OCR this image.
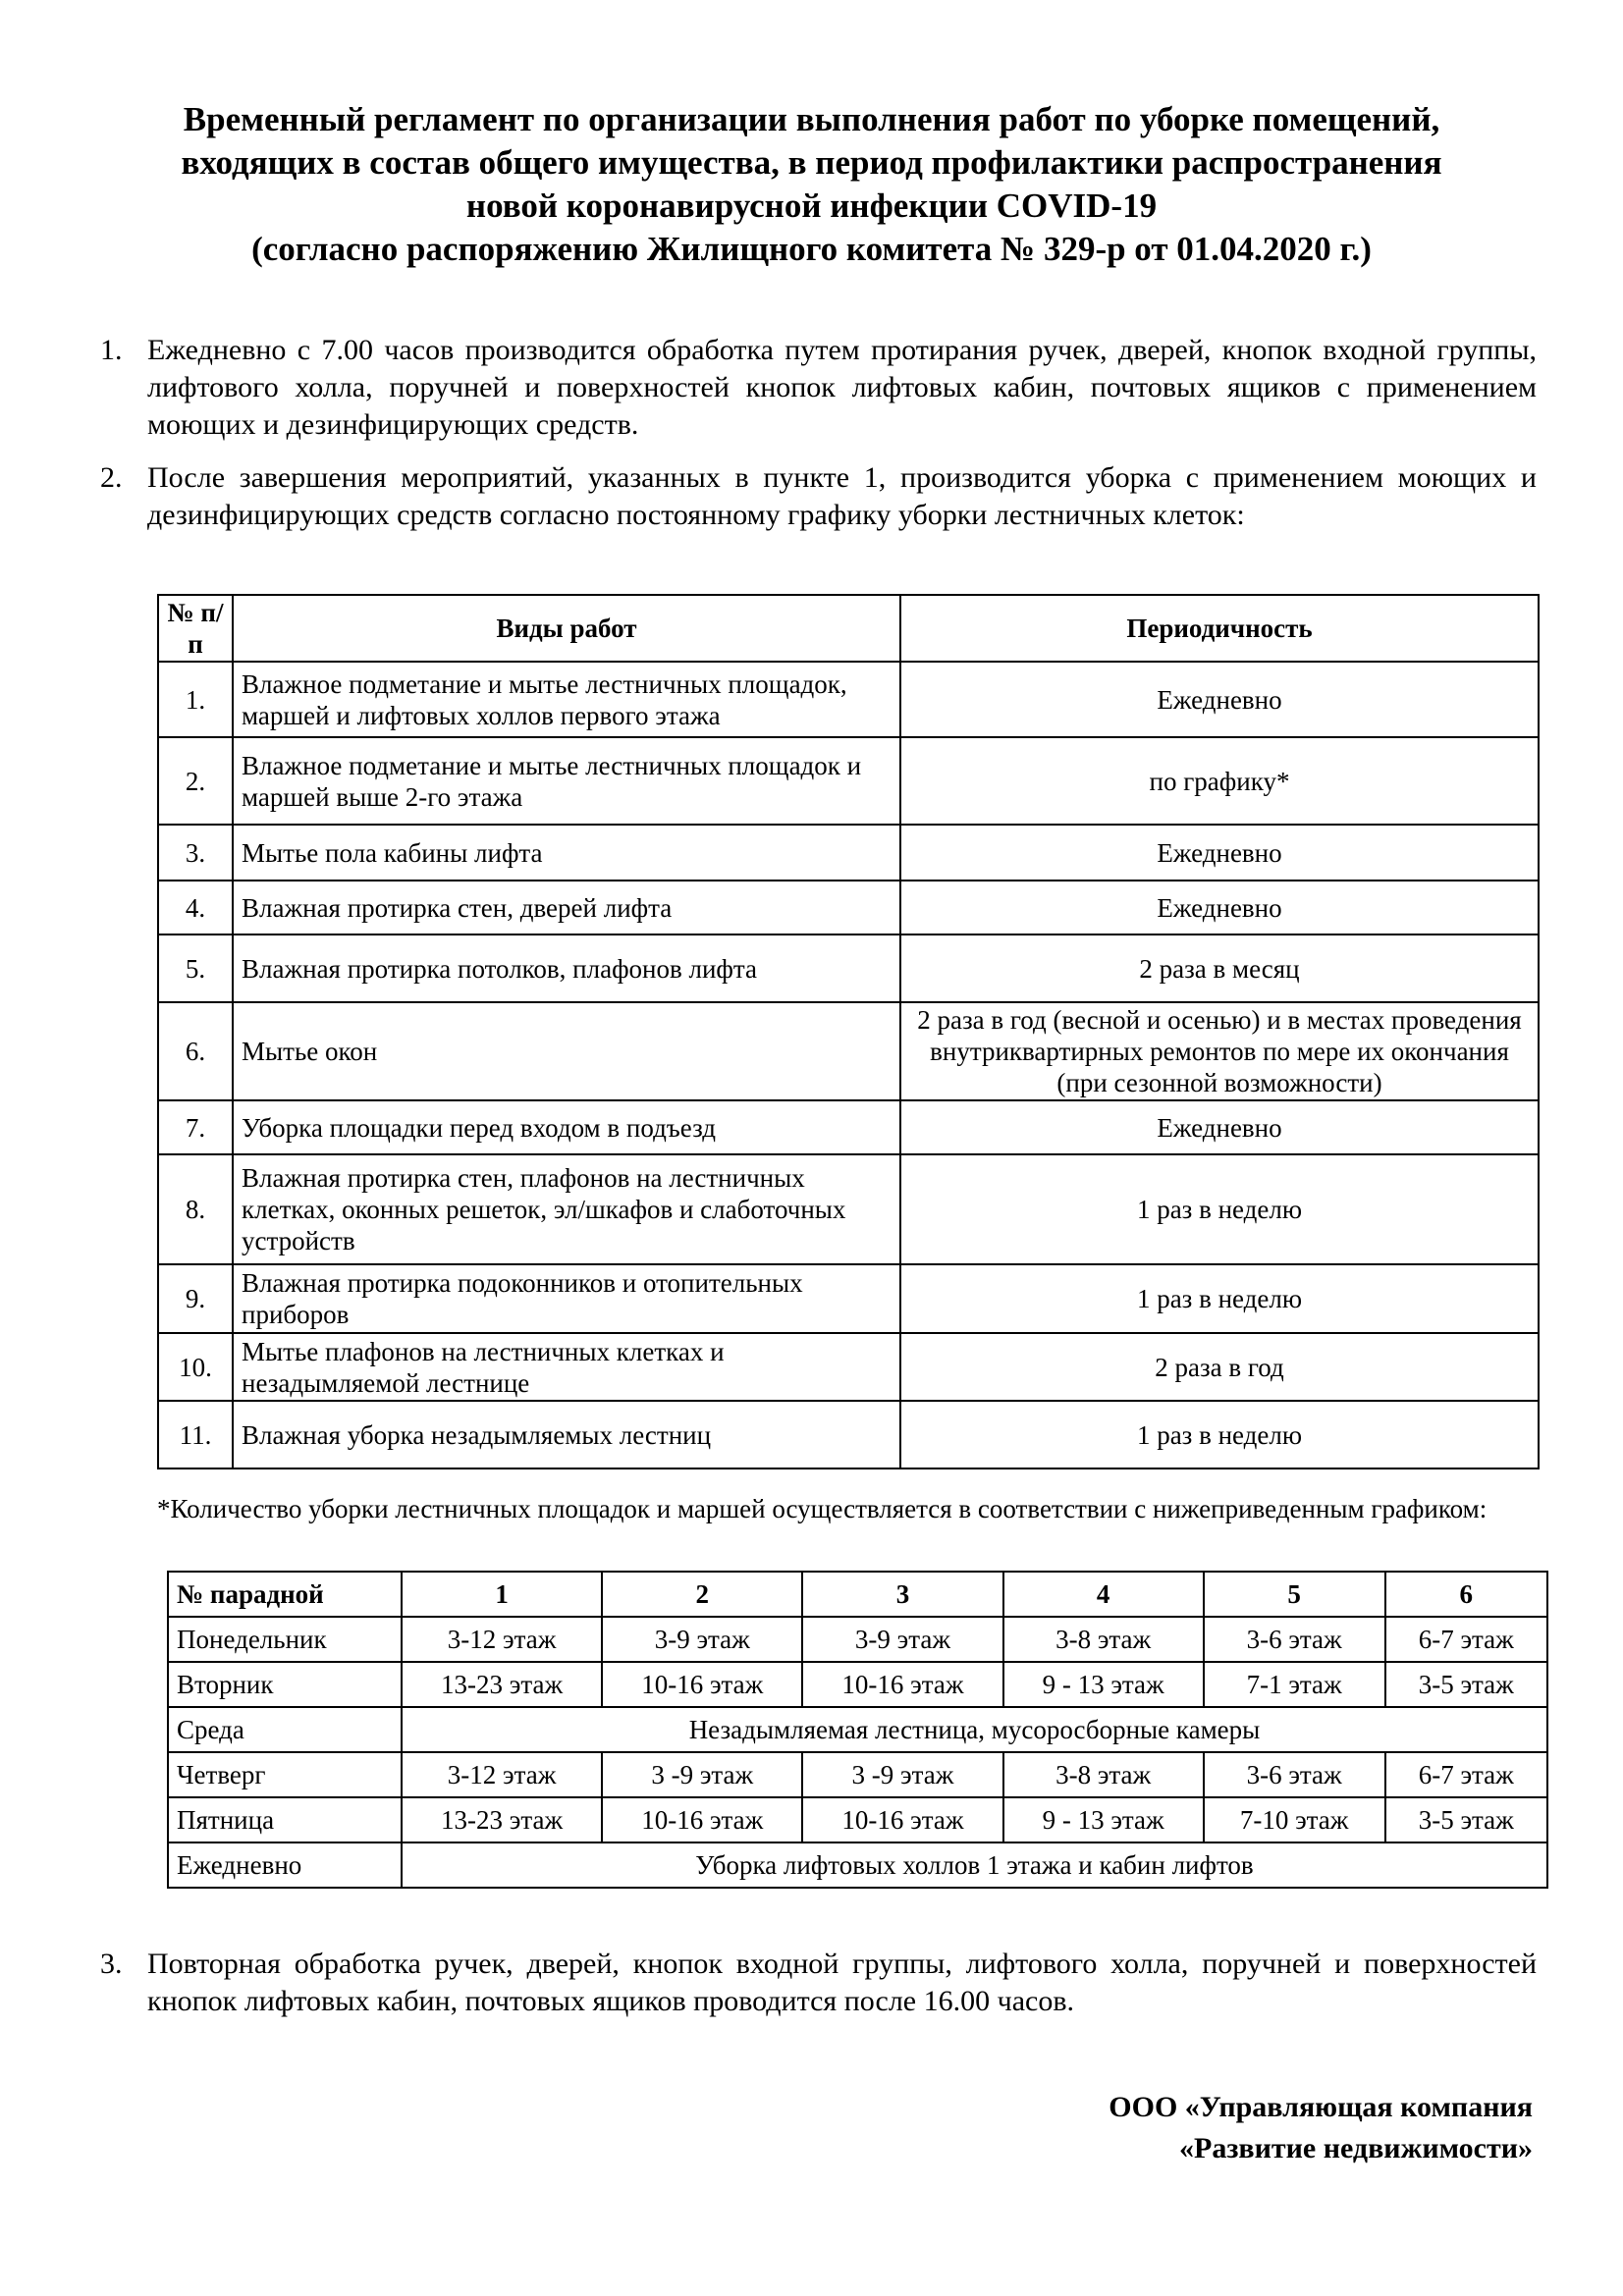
Временный регламент по организации выполнения работ по уборке помещений,
входящих в состав общего имущества, в период профилактики распространения
новой коронавирусной инфекции COVID-19
(согласно распоряжению Жилищного комитета № 329-р от 01.04.2020 г.)
1. Ежедневно с 7.00 часов производится обработка путем протирания ручек, дверей, кнопок входной группы, лифтового холла, поручней и поверхностей кнопок лифтовых кабин, почтовых ящиков с применением моющих и дезинфицирующих средств.
2. После завершения мероприятий, указанных в пункте 1, производится уборка с применением моющих и дезинфицирующих средств согласно постоянному графику уборки лестничных клеток:
№ п/п	Виды работ	Периодичность
1.	Влажное подметание и мытье лестничных площадок, маршей и лифтовых холлов первого этажа	Ежедневно
2.	Влажное подметание и мытье лестничных площадок и маршей выше 2-го этажа	по графику*
3.	Мытье пола кабины лифта	Ежедневно
4.	Влажная протирка стен, дверей лифта	Ежедневно
5.	Влажная протирка потолков, плафонов лифта	2 раза в месяц
6.	Мытье окон	2 раза в год (весной и осенью) и в местах проведения внутриквартирных ремонтов по мере их окончания (при сезонной возможности)
7.	Уборка площадки перед входом в подъезд	Ежедневно
8.	Влажная протирка стен, плафонов на лестничных клетках, оконных решеток, эл/шкафов и слаботочных устройств	1 раз в неделю
9.	Влажная протирка подоконников и отопительных приборов	1 раз в неделю
10.	Мытье плафонов на лестничных клетках и незадымляемой лестнице	2 раза в год
11.	Влажная уборка незадымляемых лестниц	1 раз в неделю
*Количество уборки лестничных площадок и маршей осуществляется в соответствии с нижеприведенным графиком:
№ парадной	1	2	3	4	5	6
Понедельник	3-12 этаж	3-9 этаж	3-9 этаж	3-8 этаж	3-6 этаж	6-7 этаж
Вторник	13-23 этаж	10-16 этаж	10-16 этаж	9 - 13 этаж	7-1 этаж	3-5 этаж
Среда	Незадымляемая лестница, мусоросборные камеры					
Четверг	3-12 этаж	3 -9 этаж	3 -9 этаж	3-8 этаж	3-6 этаж	6-7 этаж
Пятница	13-23 этаж	10-16 этаж	10-16 этаж	9 - 13 этаж	7-10 этаж	3-5 этаж
Ежедневно	Уборка лифтовых холлов 1 этажа и кабин лифтов					
3. Повторная обработка ручек, дверей, кнопок входной группы, лифтового холла, поручней и поверхностей кнопок лифтовых кабин, почтовых ящиков проводится после 16.00 часов.
ООО «Управляющая компания
«Развитие недвижимости»
